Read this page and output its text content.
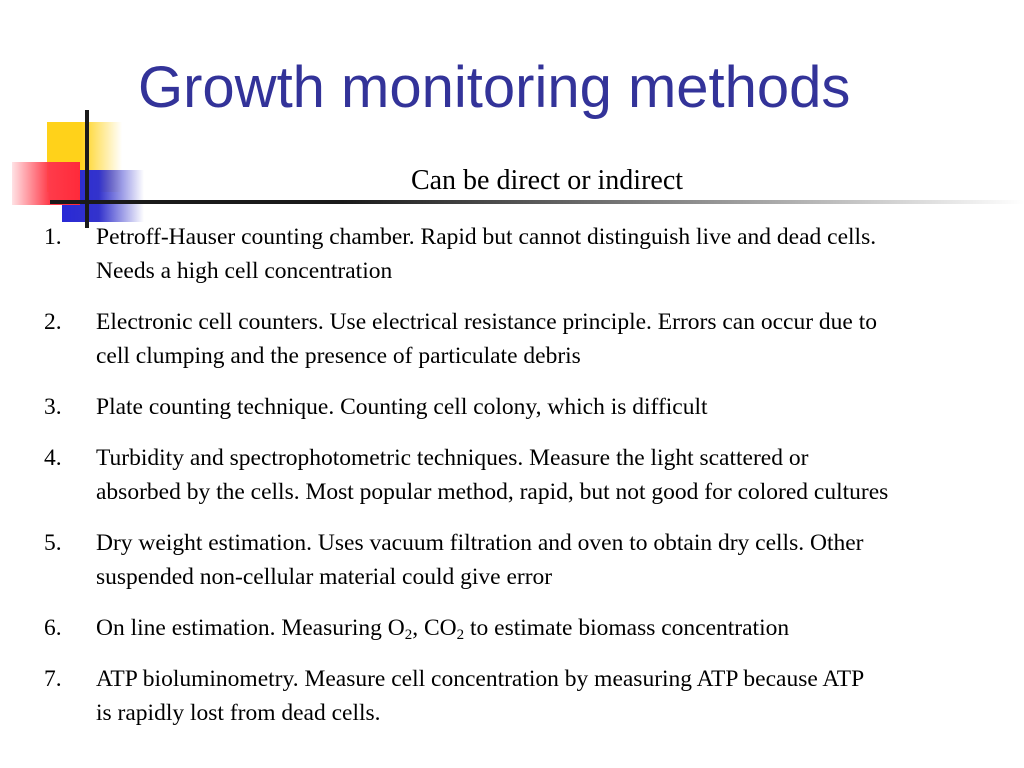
Growth monitoring methods
Can be direct or indirect
1. Petroff-Hauser counting chamber. Rapid but cannot distinguish live and dead cells.
Needs a high cell concentration
2. Electronic cell counters. Use electrical resistance principle. Errors can occur due to
cell clumping and the presence of particulate debris
3. Plate counting technique. Counting cell colony, which is difficult
4. Turbidity and spectrophotometric techniques. Measure the light scattered or
absorbed by the cells. Most popular method, rapid, but not good for colored cultures
5. Dry weight estimation. Uses vacuum filtration and oven to obtain dry cells. Other
suspended non-cellular material could give error
6. On line estimation. Measuring $O_2$, $CO_2$ to estimate biomass concentration
7. ATP bioluminometry. Measure cell concentration by measuring ATP because ATP
is rapidly lost from dead cells.
